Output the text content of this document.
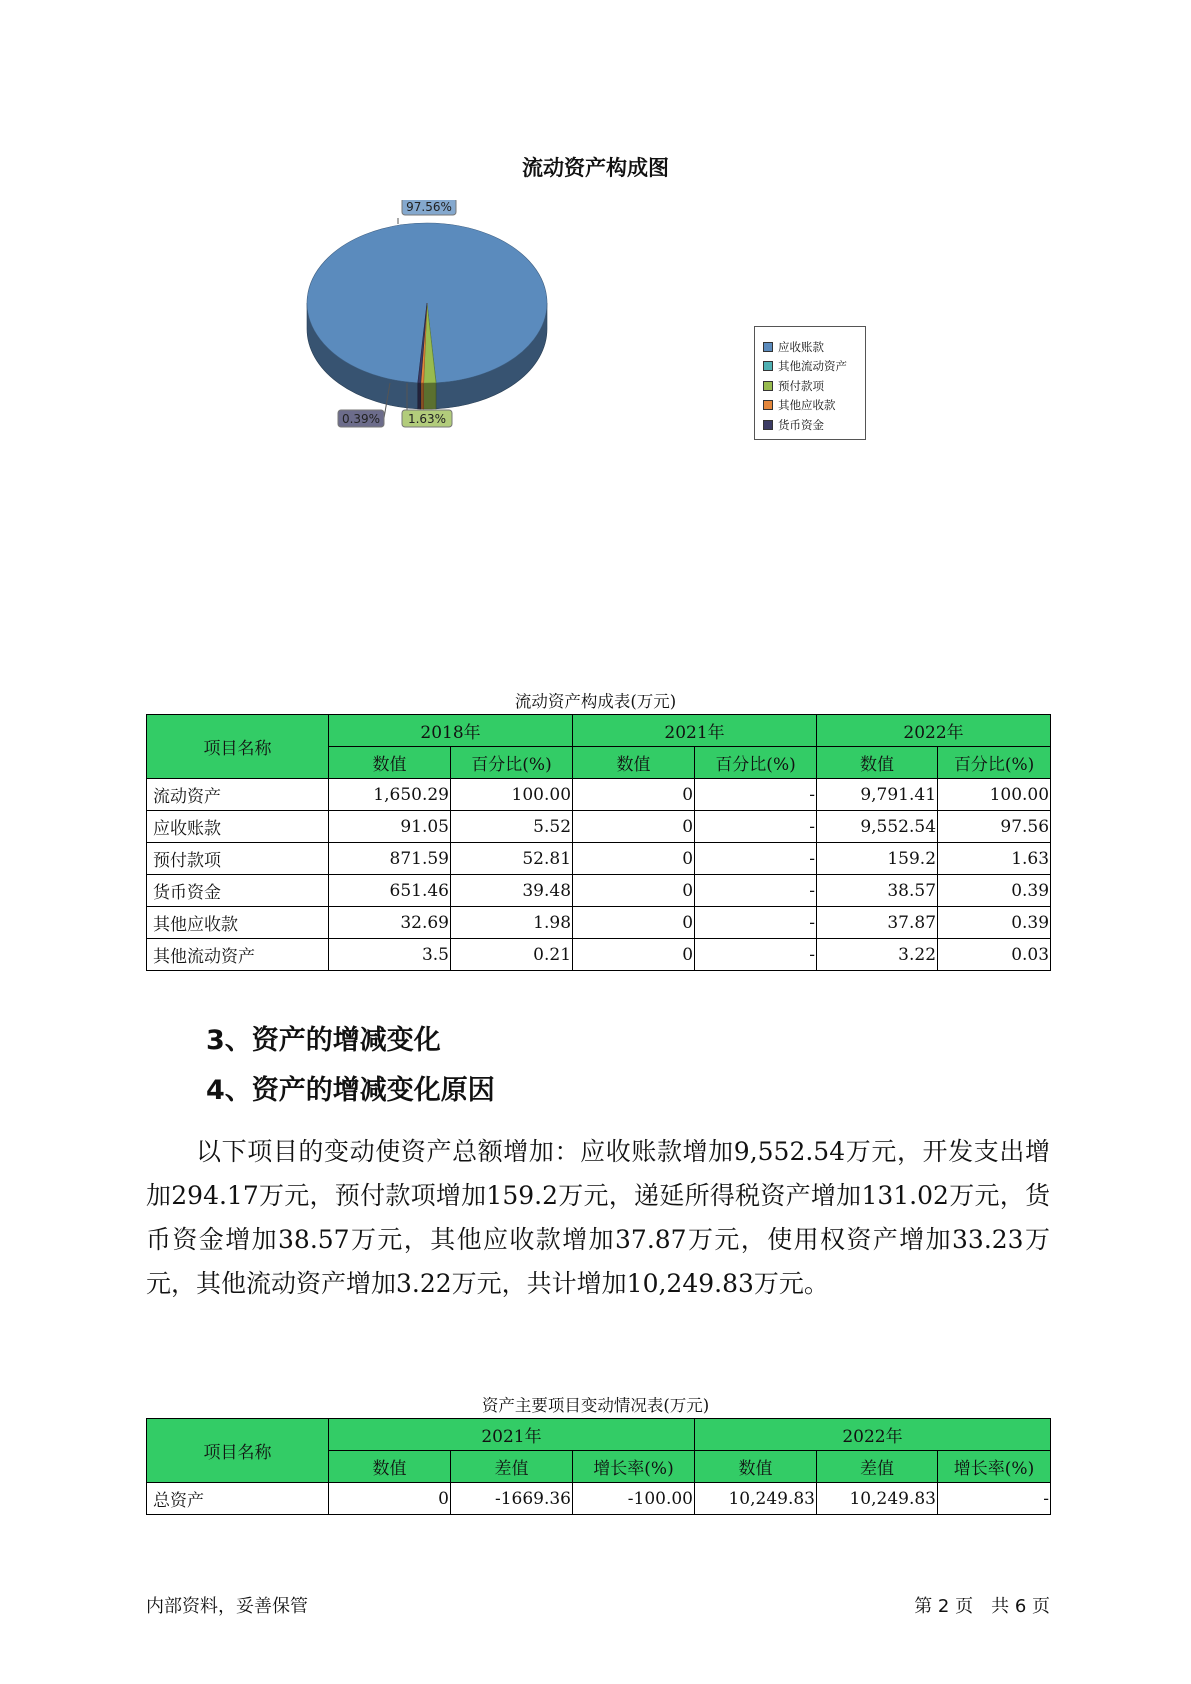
流动资产构成图
97.56%
1.63%
0.39%
应收账款
其他流动资产
预付款项
其他应收款
货币资金
流动资产构成表(万元)
项目名称	2018年		2021年		2022年	
	数值	百分比(%)	数值	百分比(%)	数值	百分比(%)
流动资产	1,650.29	100.00	0	-	9,791.41	100.00
应收账款	91.05	5.52	0	-	9,552.54	97.56
预付款项	871.59	52.81	0	-	159.2	1.63
货币资金	651.46	39.48	0	-	38.57	0.39
其他应收款	32.69	1.98	0	-	37.87	0.39
其他流动资产	3.5	0.21	0	-	3.22	0.03
3、资产的增减变化
4、资产的增减变化原因

以下项目的变动使资产总额增加：应收账款增加9,552.54万元，开发支出增加294.17万元，预付款项增加159.2万元，递延所得税资产增加131.02万元，货币资金增加38.57万元，其他应收款增加37.87万元，使用权资产增加33.23万元，其他流动资产增加3.22万元，共计增加10,249.83万元。

资产主要项目变动情况表(万元)
项目名称	2021年			2022年		
	数值	差值	增长率(%)	数值	差值	增长率(%)
总资产	0	-1669.36	-100.00	10,249.83	10,249.83	-
内部资料，妥善保管	第 2 页　共 6 页
